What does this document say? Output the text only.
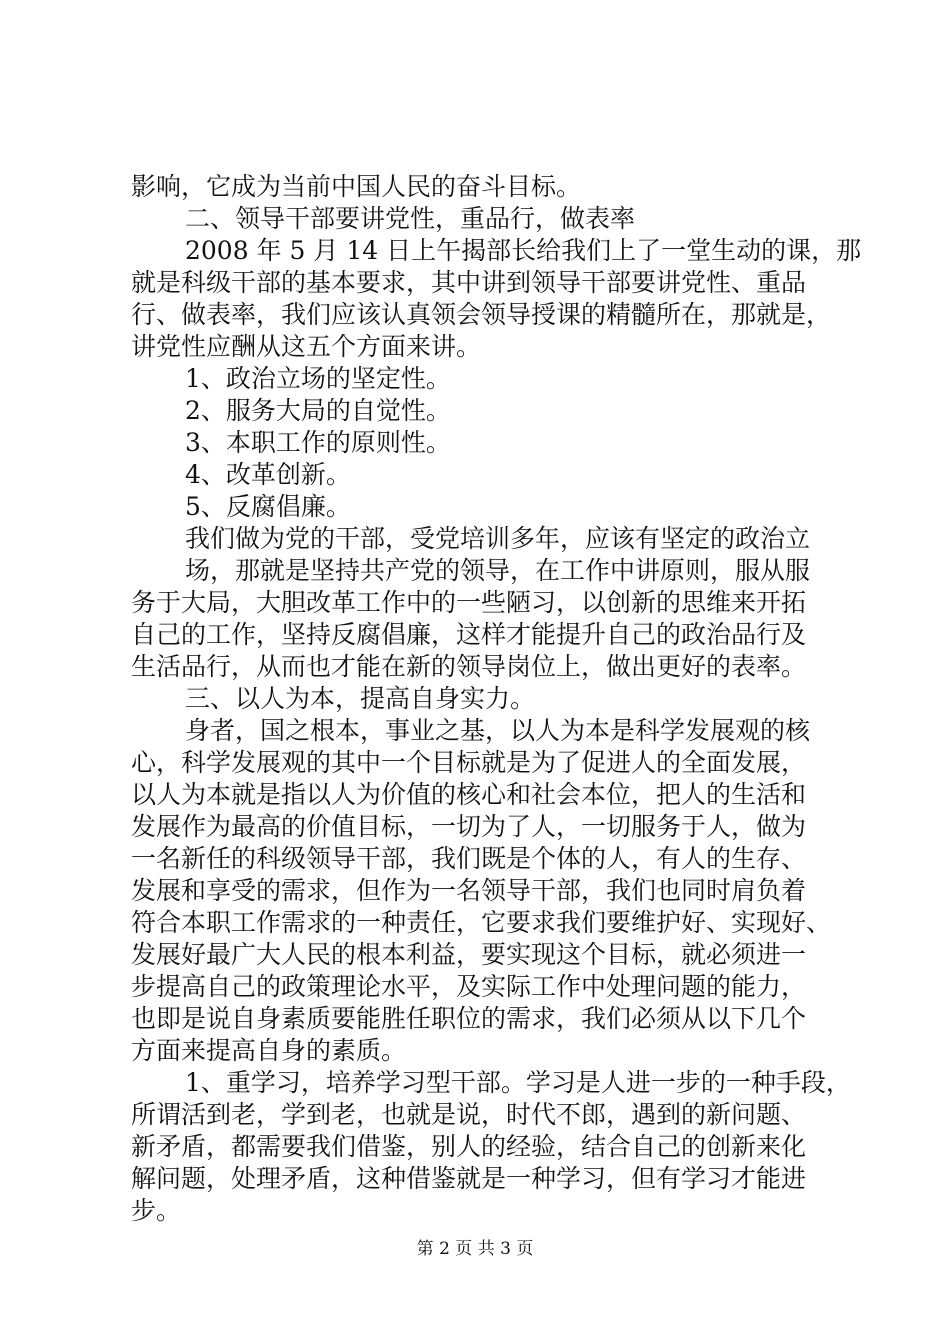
影响，它成为当前中国人民的奋斗目标。
二、领导干部要讲党性，重品行，做表率
2008 年 5 月 14 日上午揭部长给我们上了一堂生动的课，那
就是科级干部的基本要求，其中讲到领导干部要讲党性、重品
行、做表率，我们应该认真领会领导授课的精髓所在，那就是，
讲党性应酬从这五个方面来讲。
1、政治立场的坚定性。
2、服务大局的自觉性。
3、本职工作的原则性。
4、改革创新。
5、反腐倡廉。
我们做为党的干部，受党培训多年，应该有坚定的政治立
场，那就是坚持共产党的领导，在工作中讲原则，服从服
务于大局，大胆改革工作中的一些陋习，以创新的思维来开拓
自己的工作，坚持反腐倡廉，这样才能提升自己的政治品行及
生活品行，从而也才能在新的领导岗位上，做出更好的表率。
三、以人为本，提高自身实力。
身者，国之根本，事业之基，以人为本是科学发展观的核
心，科学发展观的其中一个目标就是为了促进人的全面发展，
以人为本就是指以人为价值的核心和社会本位，把人的生活和
发展作为最高的价值目标，一切为了人，一切服务于人，做为
一名新任的科级领导干部，我们既是个体的人，有人的生存、
发展和享受的需求，但作为一名领导干部，我们也同时肩负着
符合本职工作需求的一种责任，它要求我们要维护好、实现好、
发展好最广大人民的根本利益，要实现这个目标，就必须进一
步提高自己的政策理论水平，及实际工作中处理问题的能力，
也即是说自身素质要能胜任职位的需求，我们必须从以下几个
方面来提高自身的素质。
1、重学习，培养学习型干部。学习是人进一步的一种手段，
所谓活到老，学到老，也就是说，时代不郎，遇到的新问题、
新矛盾，都需要我们借鉴，别人的经验，结合自己的创新来化
解问题，处理矛盾，这种借鉴就是一种学习，但有学习才能进
步。
第 2 页 共 3 页
